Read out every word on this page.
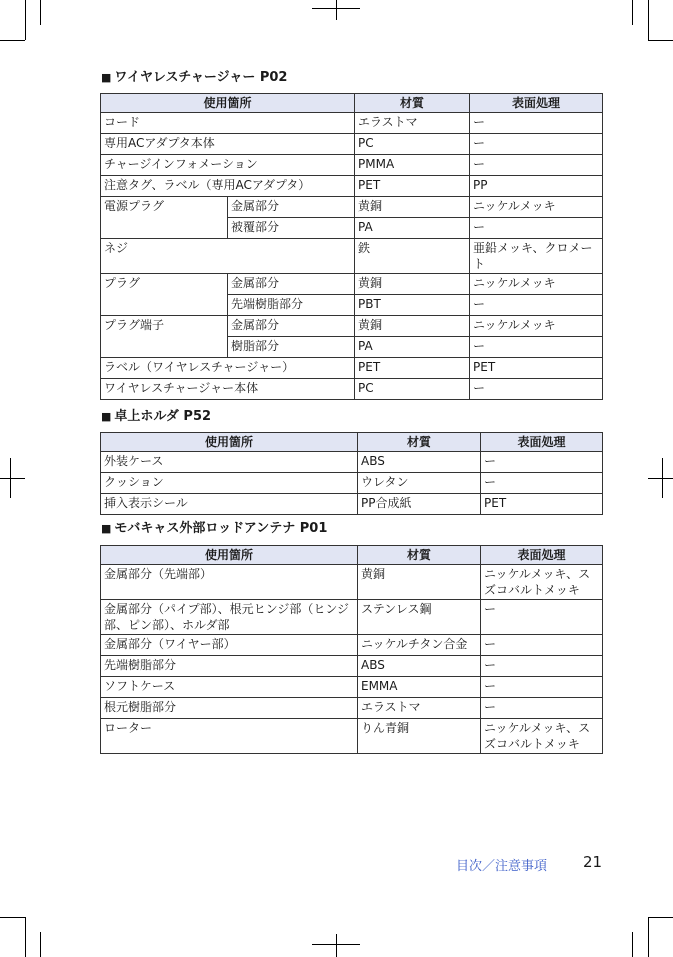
■ ワイヤレスチャージャー P02
使用箇所		材質	表面処理
コード		エラストマ	ー
専用ACアダプタ本体		PC	ー
チャージインフォメーション		PMMA	ー
注意タグ、ラベル（専用ACアダプタ）		PET	PP
電源プラグ	金属部分	黄銅	ニッケルメッキ
	被覆部分	PA	ー
ネジ		鉄	亜鉛メッキ、クロメート
プラグ	金属部分	黄銅	ニッケルメッキ
	先端樹脂部分	PBT	ー
プラグ端子	金属部分	黄銅	ニッケルメッキ
	樹脂部分	PA	ー
ラベル（ワイヤレスチャージャー）		PET	PET
ワイヤレスチャージャー本体		PC	ー
■ 卓上ホルダ P52
使用箇所	材質	表面処理
外装ケース	ABS	ー
クッション	ウレタン	ー
挿入表示シール	PP合成紙	PET
■ モバキャス外部ロッドアンテナ P01
使用箇所	材質	表面処理
金属部分（先端部）	黄銅	ニッケルメッキ、スズコバルトメッキ
金属部分（パイプ部）、根元ヒンジ部（ヒンジ部、ピン部）、ホルダ部	ステンレス鋼	ー
金属部分（ワイヤー部）	ニッケルチタン合金	ー
先端樹脂部分	ABS	ー
ソフトケース	EMMA	ー
根元樹脂部分	エラストマ	ー
ローター	りん青銅	ニッケルメッキ、スズコバルトメッキ
目次／注意事項 21
